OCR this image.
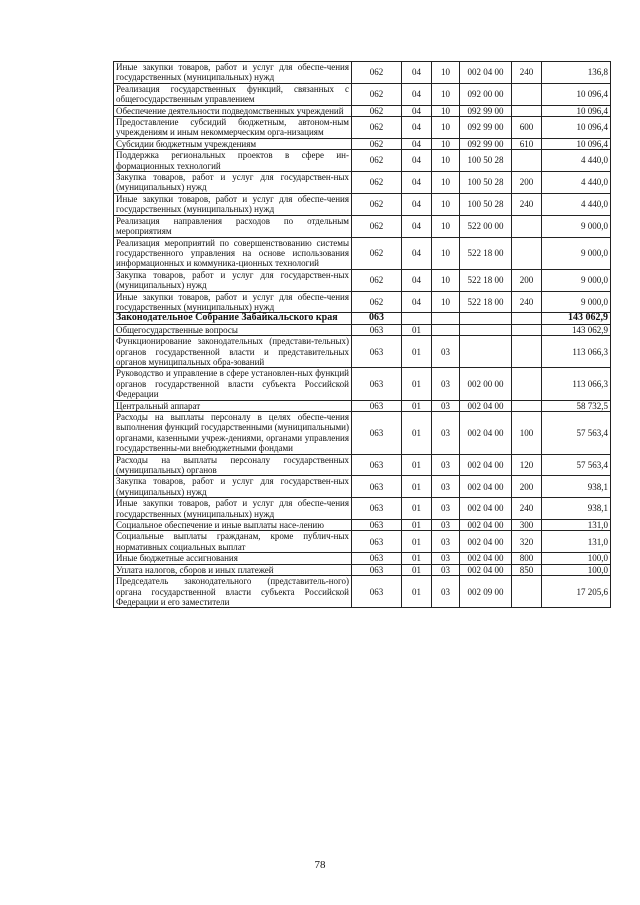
Иные закупки товаров, работ и услуг для обеспе-чения государственных (муниципальных) нужд	062	04	10	002 04 00	240	136,8
Реализация государственных функций, связанных с общегосударственным управлением	062	04	10	092 00 00		10 096,4
Обеспечение деятельности подведомственных учреждений	062	04	10	092 99 00		10 096,4
Предоставление субсидий бюджетным, автоном-ным учреждениям и иным некоммерческим орга-низациям	062	04	10	092 99 00	600	10 096,4
Субсидии бюджетным учреждениям	062	04	10	092 99 00	610	10 096,4
Поддержка региональных проектов в сфере ин-формационных технологий	062	04	10	100 50 28		4 440,0
Закупка товаров, работ и услуг для государствен-ных (муниципальных) нужд	062	04	10	100 50 28	200	4 440,0
Иные закупки товаров, работ и услуг для обеспе-чения государственных (муниципальных) нужд	062	04	10	100 50 28	240	4 440,0
Реализация направления расходов по отдельным мероприятиям	062	04	10	522 00 00		9 000,0
Реализация мероприятий по совершенствованию системы государственного управления на основе использования информационных и коммуника-ционных технологий	062	04	10	522 18 00		9 000,0
Закупка товаров, работ и услуг для государствен-ных (муниципальных) нужд	062	04	10	522 18 00	200	9 000,0
Иные закупки товаров, работ и услуг для обеспе-чения государственных (муниципальных) нужд	062	04	10	522 18 00	240	9 000,0
Законодательное Собрание Забайкальского края	063					143 062,9
Общегосударственные вопросы	063	01				143 062,9
Функционирование законодательных (представи-тельных) органов государственной власти и представительных органов муниципальных обра-зований	063	01	03			113 066,3
Руководство и управление в сфере установлен-ных функций органов государственной власти субъекта Российской Федерации	063	01	03	002 00 00		113 066,3
Центральный аппарат	063	01	03	002 04 00		58 732,5
Расходы на выплаты персоналу в целях обеспе-чения выполнения функций государственными (муниципальными) органами, казенными учреж-дениями, органами управления государственны-ми внебюджетными фондами	063	01	03	002 04 00	100	57 563,4
Расходы на выплаты персоналу государственных (муниципальных) органов	063	01	03	002 04 00	120	57 563,4
Закупка товаров, работ и услуг для государствен-ных (муниципальных) нужд	063	01	03	002 04 00	200	938,1
Иные закупки товаров, работ и услуг для обеспе-чения государственных (муниципальных) нужд	063	01	03	002 04 00	240	938,1
Социальное обеспечение и иные выплаты насе-лению	063	01	03	002 04 00	300	131,0
Социальные выплаты гражданам, кроме публич-ных нормативных социальных выплат	063	01	03	002 04 00	320	131,0
Иные бюджетные ассигнования	063	01	03	002 04 00	800	100,0
Уплата налогов, сборов и иных платежей	063	01	03	002 04 00	850	100,0
Председатель законодательного (представитель-ного) органа государственной власти субъекта Российской Федерации и его заместители	063	01	03	002 09 00		17 205,6
78
